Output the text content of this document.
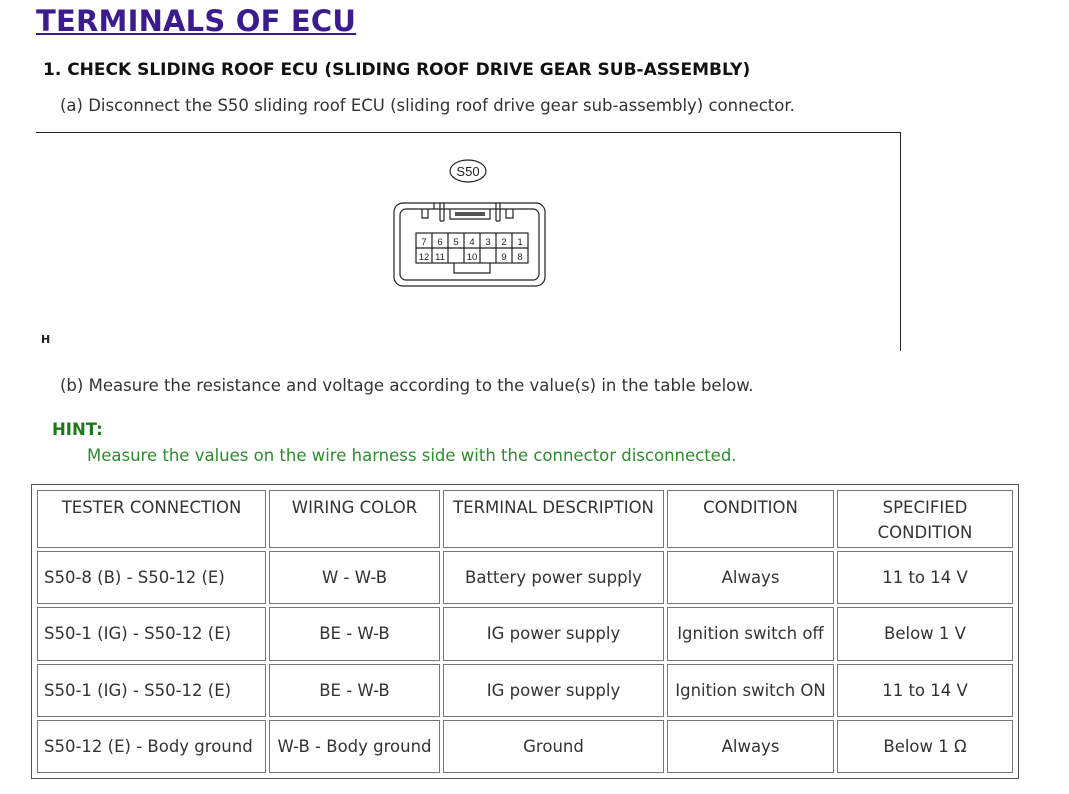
TERMINALS OF ECU

1. CHECK SLIDING ROOF ECU (SLIDING ROOF DRIVE GEAR SUB-ASSEMBLY)

(a) Disconnect the S50 sliding roof ECU (sliding roof drive gear sub-assembly) connector.

S50
7 6 5 4 3 2 1
12 11 10	9 8
H

(b) Measure the resistance and voltage according to the value(s) in the table below.

HINT:

Measure the values on the wire harness side with the connector disconnected.

TESTER CONNECTION	WIRING COLOR	TERMINAL DESCRIPTION	CONDITION	SPECIFIED CONDITION
S50-8 (B) - S50-12 (E)	W - W-B	Battery power supply	Always	11 to 14 V
S50-1 (IG) - S50-12 (E)	BE - W-B	IG power supply	Ignition switch off	Below 1 V
S50-1 (IG) - S50-12 (E)	BE - W-B	IG power supply	Ignition switch ON	11 to 14 V
S50-12 (E) - Body ground	W-B - Body ground	Ground	Always	Below 1 Ω
